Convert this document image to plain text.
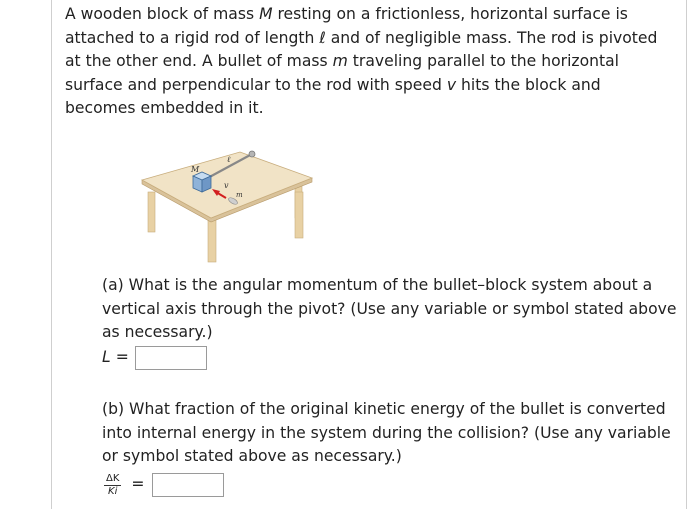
A wooden block of mass M resting on a frictionless, horizontal surface is attached to a rigid rod of length ℓ and of negligible mass. The rod is pivoted at the other end. A bullet of mass m traveling parallel to the horizontal surface and perpendicular to the rod with speed v hits the block and becomes embedded in it.

M
ℓ
v
m

(a) What is the angular momentum of the bullet–block system about a vertical axis through the pivot? (Use any variable or symbol stated above as necessary.)

L =

(b) What fraction of the original kinetic energy of the bullet is converted into internal energy in the system during the collision? (Use any variable or symbol stated above as necessary.)

$\frac{\Delta K}{Ki}$ =
